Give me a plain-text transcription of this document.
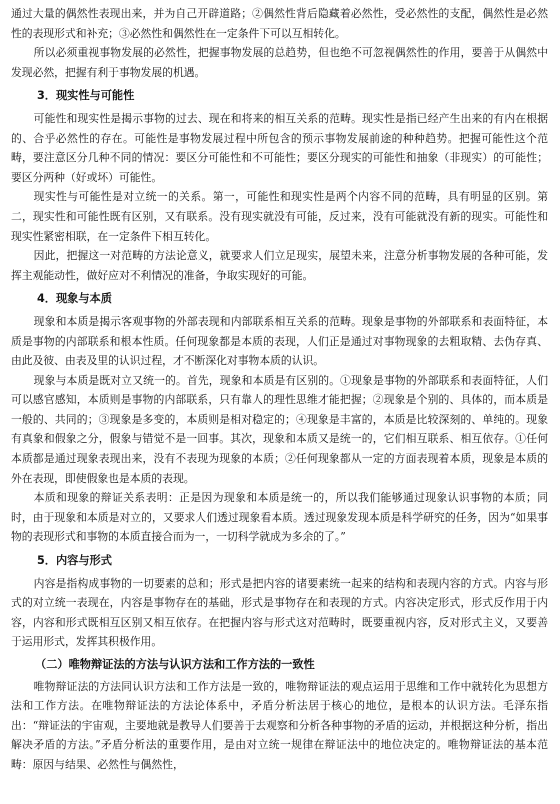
通过大量的偶然性表现出来，并为自己开辟道路；②偶然性背后隐藏着必然性，受必然性的支配，偶然性是必然性的表现形式和补充；③必然性和偶然性在一定条件下可以互相转化。

所以必须重视事物发展的必然性，把握事物发展的总趋势，但也绝不可忽视偶然性的作用，要善于从偶然中发现必然，把握有利于事物发展的机遇。

3．现实性与可能性

可能性和现实性是揭示事物的过去、现在和将来的相互关系的范畴。现实性是指已经产生出来的有内在根据的、合乎必然性的存在。可能性是事物发展过程中所包含的预示事物发展前途的种种趋势。把握可能性这个范畴，要注意区分几种不同的情况：要区分可能性和不可能性；要区分现实的可能性和抽象（非现实）的可能性；要区分两种（好或坏）可能性。

现实性与可能性是对立统一的关系。第一，可能性和现实性是两个内容不同的范畴，具有明显的区别。第二，现实性和可能性既有区别，又有联系。没有现实就没有可能，反过来，没有可能就没有新的现实。可能性和现实性紧密相联，在一定条件下相互转化。

因此，把握这一对范畴的方法论意义，就要求人们立足现实，展望未来，注意分析事物发展的各种可能，发挥主观能动性，做好应对不利情况的准备，争取实现好的可能。

4．现象与本质

现象和本质是揭示客观事物的外部表现和内部联系相互关系的范畴。现象是事物的外部联系和表面特征，本质是事物的内部联系和根本性质。任何现象都是本质的表现，人们正是通过对事物现象的去粗取精、去伪存真、由此及彼、由表及里的认识过程，才不断深化对事物本质的认识。

现象与本质是既对立又统一的。首先，现象和本质是有区别的。①现象是事物的外部联系和表面特征，人们可以感官感知，本质则是事物的内部联系，只有靠人的理性思维才能把握；②现象是个别的、具体的，而本质是一般的、共同的；③现象是多变的，本质则是相对稳定的；④现象是丰富的，本质是比较深刻的、单纯的。现象有真象和假象之分，假象与错觉不是一回事。其次，现象和本质又是统一的，它们相互联系、相互依存。①任何本质都是通过现象表现出来，没有不表现为现象的本质；②任何现象都从一定的方面表现着本质，现象是本质的外在表现，即使假象也是本质的表现。

本质和现象的辩证关系表明：正是因为现象和本质是统一的，所以我们能够通过现象认识事物的本质；同时，由于现象和本质是对立的，又要求人们透过现象看本质。透过现象发现本质是科学研究的任务，因为“如果事物的表现形式和事物的本质直接合而为一，一切科学就成为多余的了。”

5．内容与形式

内容是指构成事物的一切要素的总和；形式是把内容的诸要素统一起来的结构和表现内容的方式。内容与形式的对立统一表现在，内容是事物存在的基础，形式是事物存在和表现的方式。内容决定形式，形式反作用于内容，内容和形式既相互区别又相互依存。在把握内容与形式这对范畴时，既要重视内容，反对形式主义，又要善于运用形式，发挥其积极作用。

（二）唯物辩证法的方法与认识方法和工作方法的一致性

唯物辩证法的方法同认识方法和工作方法是一致的，唯物辩证法的观点运用于思维和工作中就转化为思想方法和工作方法。在唯物辩证法的方法论体系中，矛盾分析法居于核心的地位，是根本的认识方法。毛泽东指出：“辩证法的宇宙观，主要地就是教导人们要善于去观察和分析各种事物的矛盾的运动，并根据这种分析，指出解决矛盾的方法。”矛盾分析法的重要作用，是由对立统一规律在辩证法中的地位决定的。唯物辩证法的基本范畴：原因与结果、必然性与偶然性，
